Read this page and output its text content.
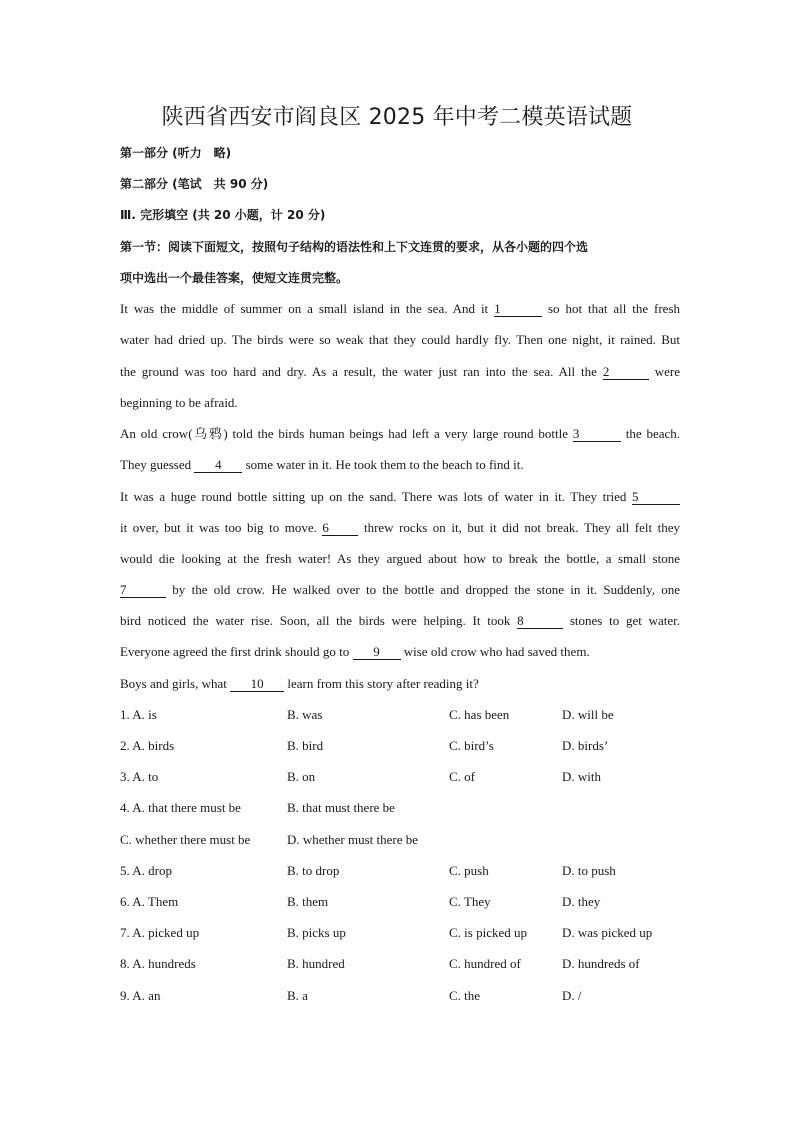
陕西省西安市阎良区 2025 年中考二模英语试题
第一部分 (听力　略)
第二部分 (笔试　共 90 分)
Ⅲ. 完形填空 (共 20 小题，计 20 分)
第一节：阅读下面短文，按照句子结构的语法性和上下文连贯的要求，从各小题的四个选
项中选出一个最佳答案，使短文连贯完整。
It was the middle of summer on a small island in the sea. And it 1	so hot that all the fresh
water had dried up. The birds were so weak that they could hardly fly. Then one night, it rained. But
the ground was too hard and dry. As a result, the water just ran into the sea. All the 2	were
beginning to be afraid.
An old crow(乌鸦) told the birds human beings had left a very large round bottle 3	the beach.
They guessed 4 some water in it. He took them to the beach to find it.
It was a huge round bottle sitting up on the sand. There was lots of water in it. They tried 5
it over, but it was too big to move. 6	threw rocks on it, but it did not break. They all felt they
would die looking at the fresh water! As they argued about how to break the bottle, a small stone
7	by the old crow. He walked over to the bottle and dropped the stone in it. Suddenly, one
bird noticed the water rise. Soon, all the birds were helping. It took 8	stones to get water.
Everyone agreed the first drink should go to 9 wise old crow who had saved them.
Boys and girls, what 10 learn from this story after reading it?
1. A. is	B. was	C. has been	D. will be
2. A. birds	B. bird	C. bird’s	D. birds’
3. A. to	B. on	C. of	D. with
4. A. that there must be	B. that must there be
C. whether there must be	D. whether must there be
5. A. drop	B. to drop	C. push	D. to push
6. A. Them	B. them	C. They	D. they
7. A. picked up	B. picks up	C. is picked up	D. was picked up
8. A. hundreds	B. hundred	C. hundred of	D. hundreds of
9. A. an	B. a	C. the	D. /
